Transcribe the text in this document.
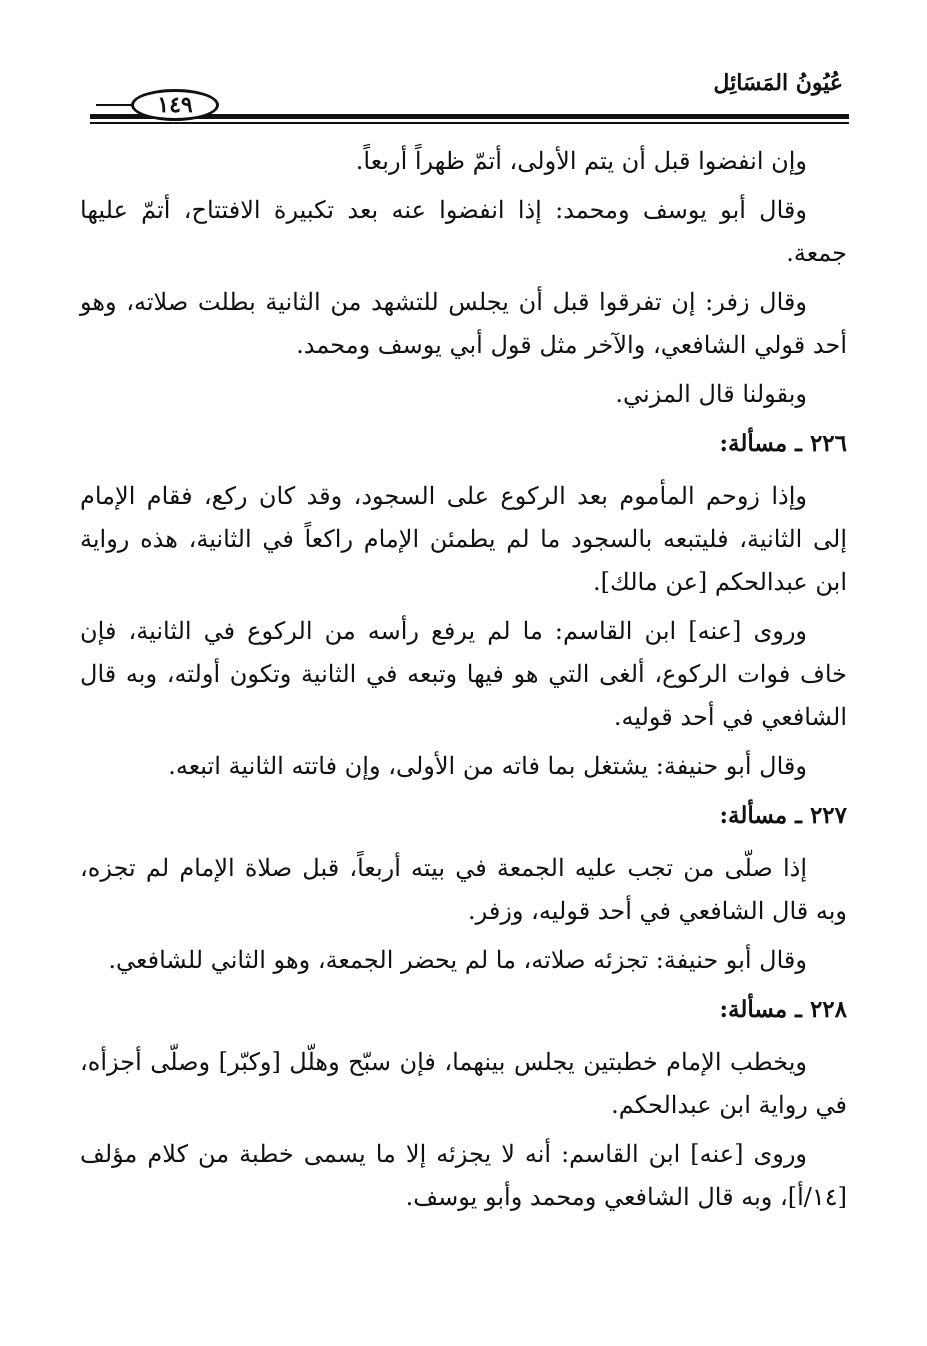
عُيُونُ المَسَائِل
١٤٩

وإن انفضوا قبل أن يتم الأولى، أتمّ ظهراً أربعاً.

وقال أبو يوسف ومحمد: إذا انفضوا عنه بعد تكبيرة الافتتاح، أتمّ عليها جمعة.

وقال زفر: إن تفرقوا قبل أن يجلس للتشهد من الثانية بطلت صلاته، وهو أحد قولي الشافعي، والآخر مثل قول أبي يوسف ومحمد.

وبقولنا قال المزني.

٢٢٦ ـ مسألة:

وإذا زوحم المأموم بعد الركوع على السجود، وقد كان ركع، فقام الإمام إلى الثانية، فليتبعه بالسجود ما لم يطمئن الإمام راكعاً في الثانية، هذه رواية ابن عبدالحكم [عن مالك].

وروى [عنه] ابن القاسم: ما لم يرفع رأسه من الركوع في الثانية، فإن خاف فوات الركوع، ألغى التي هو فيها وتبعه في الثانية وتكون أولته، وبه قال الشافعي في أحد قوليه.

وقال أبو حنيفة: يشتغل بما فاته من الأولى، وإن فاتته الثانية اتبعه.

٢٢٧ ـ مسألة:

إذا صلّى من تجب عليه الجمعة في بيته أربعاً، قبل صلاة الإمام لم تجزه، وبه قال الشافعي في أحد قوليه، وزفر.

وقال أبو حنيفة: تجزئه صلاته، ما لم يحضر الجمعة، وهو الثاني للشافعي.

٢٢٨ ـ مسألة:

ويخطب الإمام خطبتين يجلس بينهما، فإن سبّح وهلّل [وكبّر] وصلّى أجزأه، في رواية ابن عبدالحكم.

وروى [عنه] ابن القاسم: أنه لا يجزئه إلا ما يسمى خطبة من كلام مؤلف [١٤/أ]، وبه قال الشافعي ومحمد وأبو يوسف.
